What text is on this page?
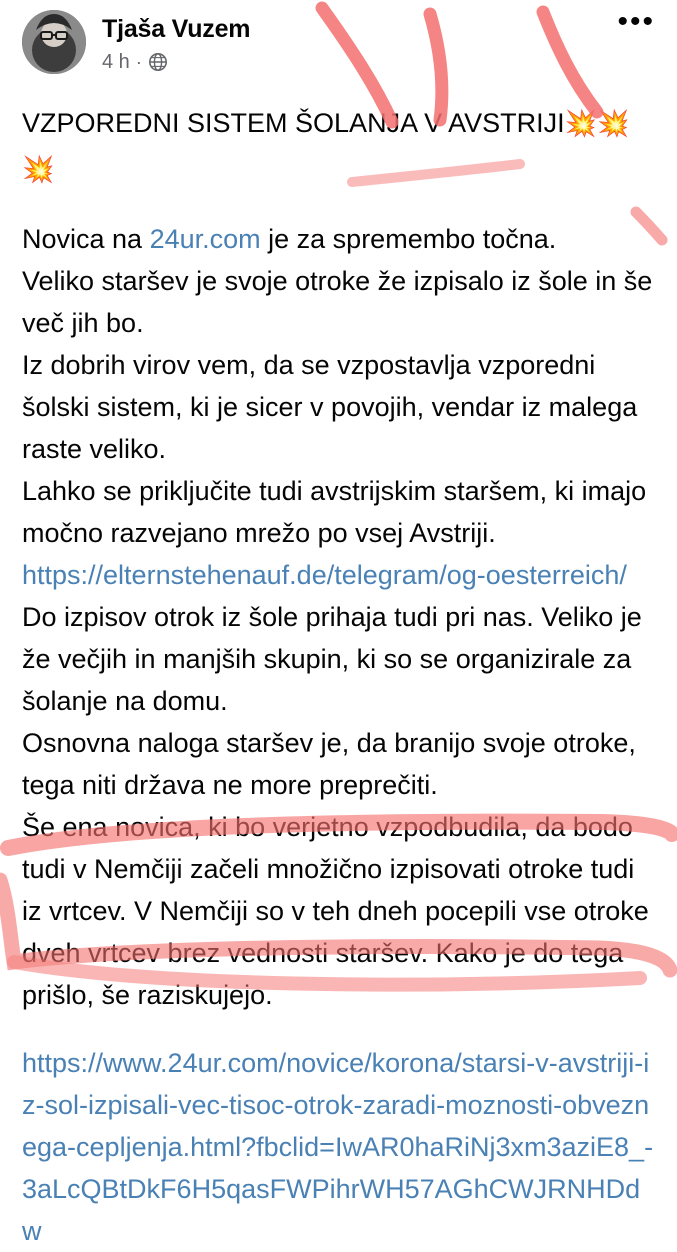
Tjaša Vuzem
4 h ·
•••
VZPOREDNI SISTEM ŠOLANJA V AVSTRIJI💥💥💥

Novica na 24ur.com je za spremembo točna.

Veliko staršev je svoje otroke že izpisalo iz šole in še več jih bo.

Iz dobrih virov vem, da se vzpostavlja vzporedni šolski sistem, ki je sicer v povojih, vendar iz malega raste veliko.

Lahko se priključite tudi avstrijskim staršem, ki imajo močno razvejano mrežo po vsej Avstriji.

https://elternstehenauf.de/telegram/og-oesterreich/

Do izpisov otrok iz šole prihaja tudi pri nas. Veliko je že večjih in manjših skupin, ki so se organizirale za šolanje na domu.

Osnovna naloga staršev je, da branijo svoje otroke, tega niti država ne more preprečiti.

Še ena novica, ki bo verjetno vzpodbudila, da bodo tudi v Nemčiji začeli množično izpisovati otroke tudi iz vrtcev. V Nemčiji so v teh dneh pocepili vse otroke dveh vrtcev brez vednosti staršev. Kako je do tega prišlo, še raziskujejo.

https://www.24ur.com/novice/korona/starsi-v-avstriji-iz-sol-izpisali-vec-tisoc-otrok-zaradi-moznosti-obveznega-cepljenja.html?fbclid=IwAR0haRiNj3xm3aziE8_-3aLcQBtDkF6H5qasFWPihrWH57AGhCWJRNHDdw
